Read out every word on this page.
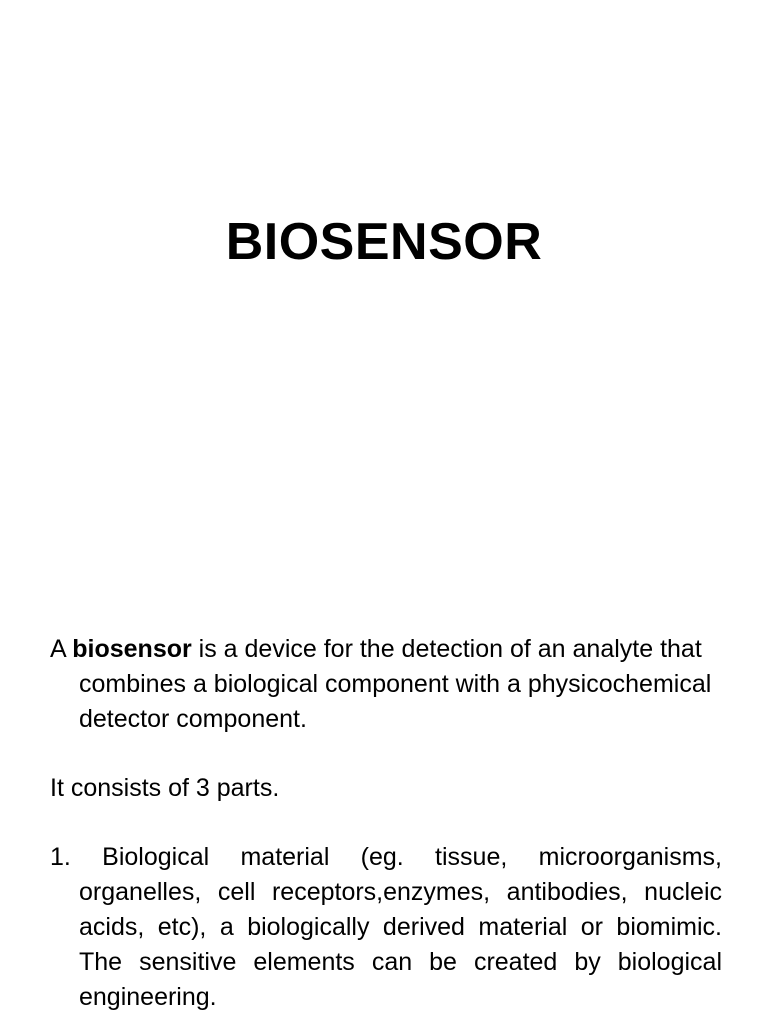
BIOSENSOR

A biosensor is a device for the detection of an analyte that combines a biological component with a physicochemical detector component.

It consists of 3 parts.

1. Biological material (eg. tissue, microorganisms, organelles, cell receptors,enzymes, antibodies, nucleic acids, etc), a biologically derived material or biomimic. The sensitive elements can be created by biological engineering.
